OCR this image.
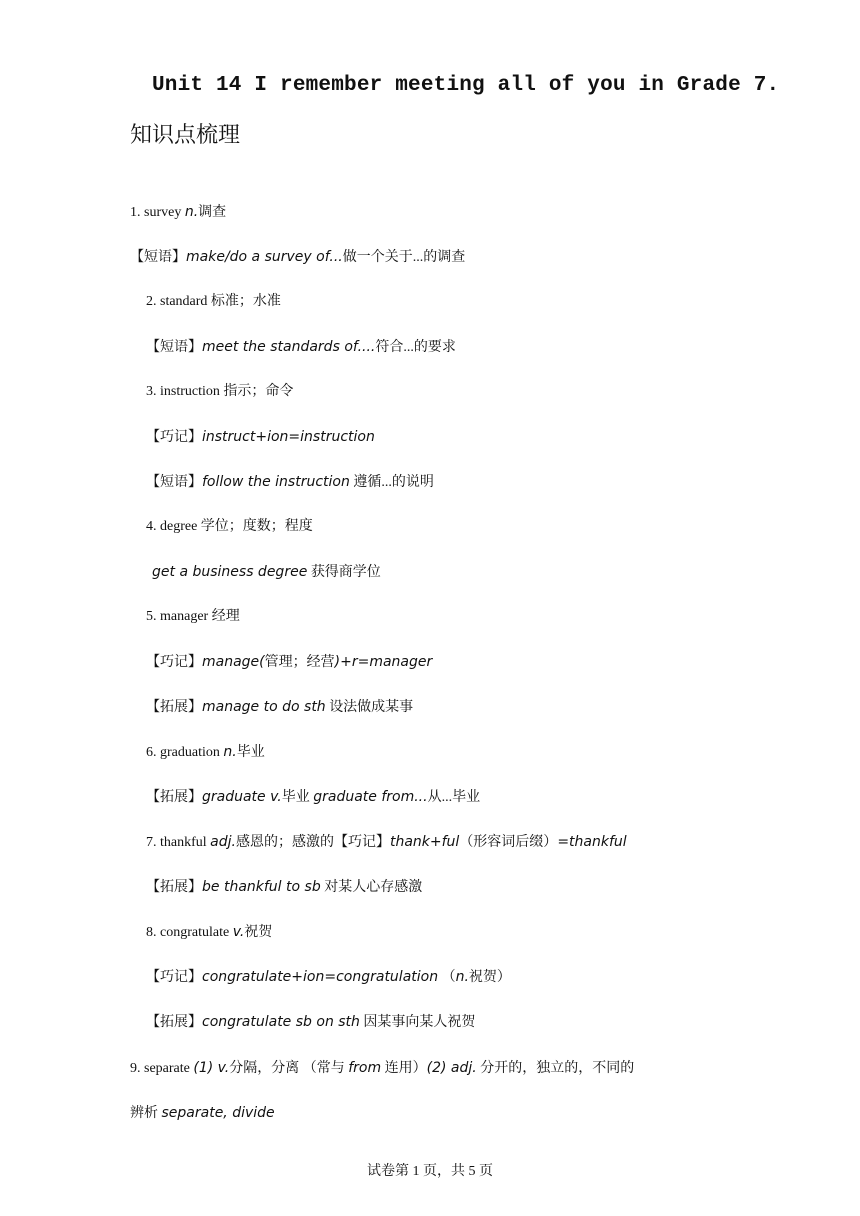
Unit 14 I remember meeting all of you in Grade 7.
知识点梳理
1. survey n.调查
【短语】make/do a survey of...做一个关于...的调查
2. standard 标准；水准
【短语】meet the standards of....符合...的要求
3. instruction 指示；命令
【巧记】instruct+ion=instruction
【短语】follow the instruction 遵循...的说明
4. degree 学位；度数；程度
get a business degree 获得商学位
5. manager 经理
【巧记】manage(管理；经营)+r=manager
【拓展】manage to do sth 设法做成某事
6. graduation n.毕业
【拓展】graduate v.毕业 graduate from...从...毕业
7. thankful adj.感恩的；感激的【巧记】thank+ful（形容词后缀）=thankful
【拓展】be thankful to sb 对某人心存感激
8. congratulate v.祝贺
【巧记】congratulate+ion=congratulation （n.祝贺）
【拓展】congratulate sb on sth 因某事向某人祝贺
9. separate (1) v.分隔，分离 （常与 from 连用）(2) adj. 分开的，独立的，不同的
辨析 separate, divide
试卷第 1 页，共 5 页
